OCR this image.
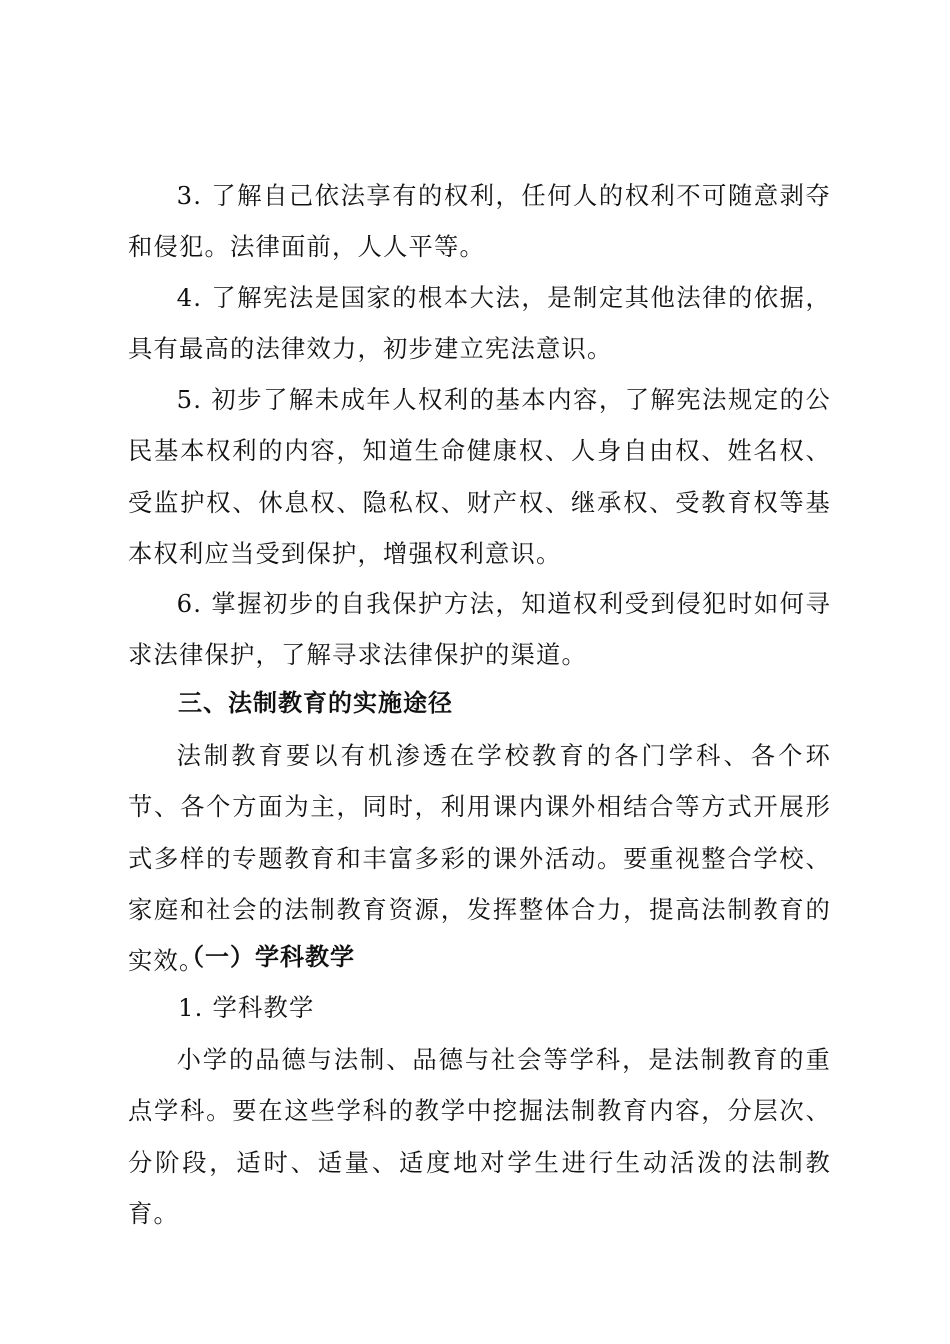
3. 了解自己依法享有的权利，任何人的权利不可随意剥夺和侵犯。法律面前，人人平等。

4. 了解宪法是国家的根本大法，是制定其他法律的依据，具有最高的法律效力，初步建立宪法意识。

5. 初步了解未成年人权利的基本内容，了解宪法规定的公民基本权利的内容，知道生命健康权、人身自由权、姓名权、受监护权、休息权、隐私权、财产权、继承权、受教育权等基本权利应当受到保护，增强权利意识。

6. 掌握初步的自我保护方法，知道权利受到侵犯时如何寻求法律保护，了解寻求法律保护的渠道。

三、法制教育的实施途径

法制教育要以有机渗透在学校教育的各门学科、各个环节、各个方面为主，同时，利用课内课外相结合等方式开展形式多样的专题教育和丰富多彩的课外活动。要重视整合学校、家庭和社会的法制教育资源，发挥整体合力，提高法制教育的实效。

（一）学科教学

1. 学科教学

小学的品德与法制、品德与社会等学科，是法制教育的重点学科。要在这些学科的教学中挖掘法制教育内容，分层次、分阶段，适时、适量、适度地对学生进行生动活泼的法制教育。
